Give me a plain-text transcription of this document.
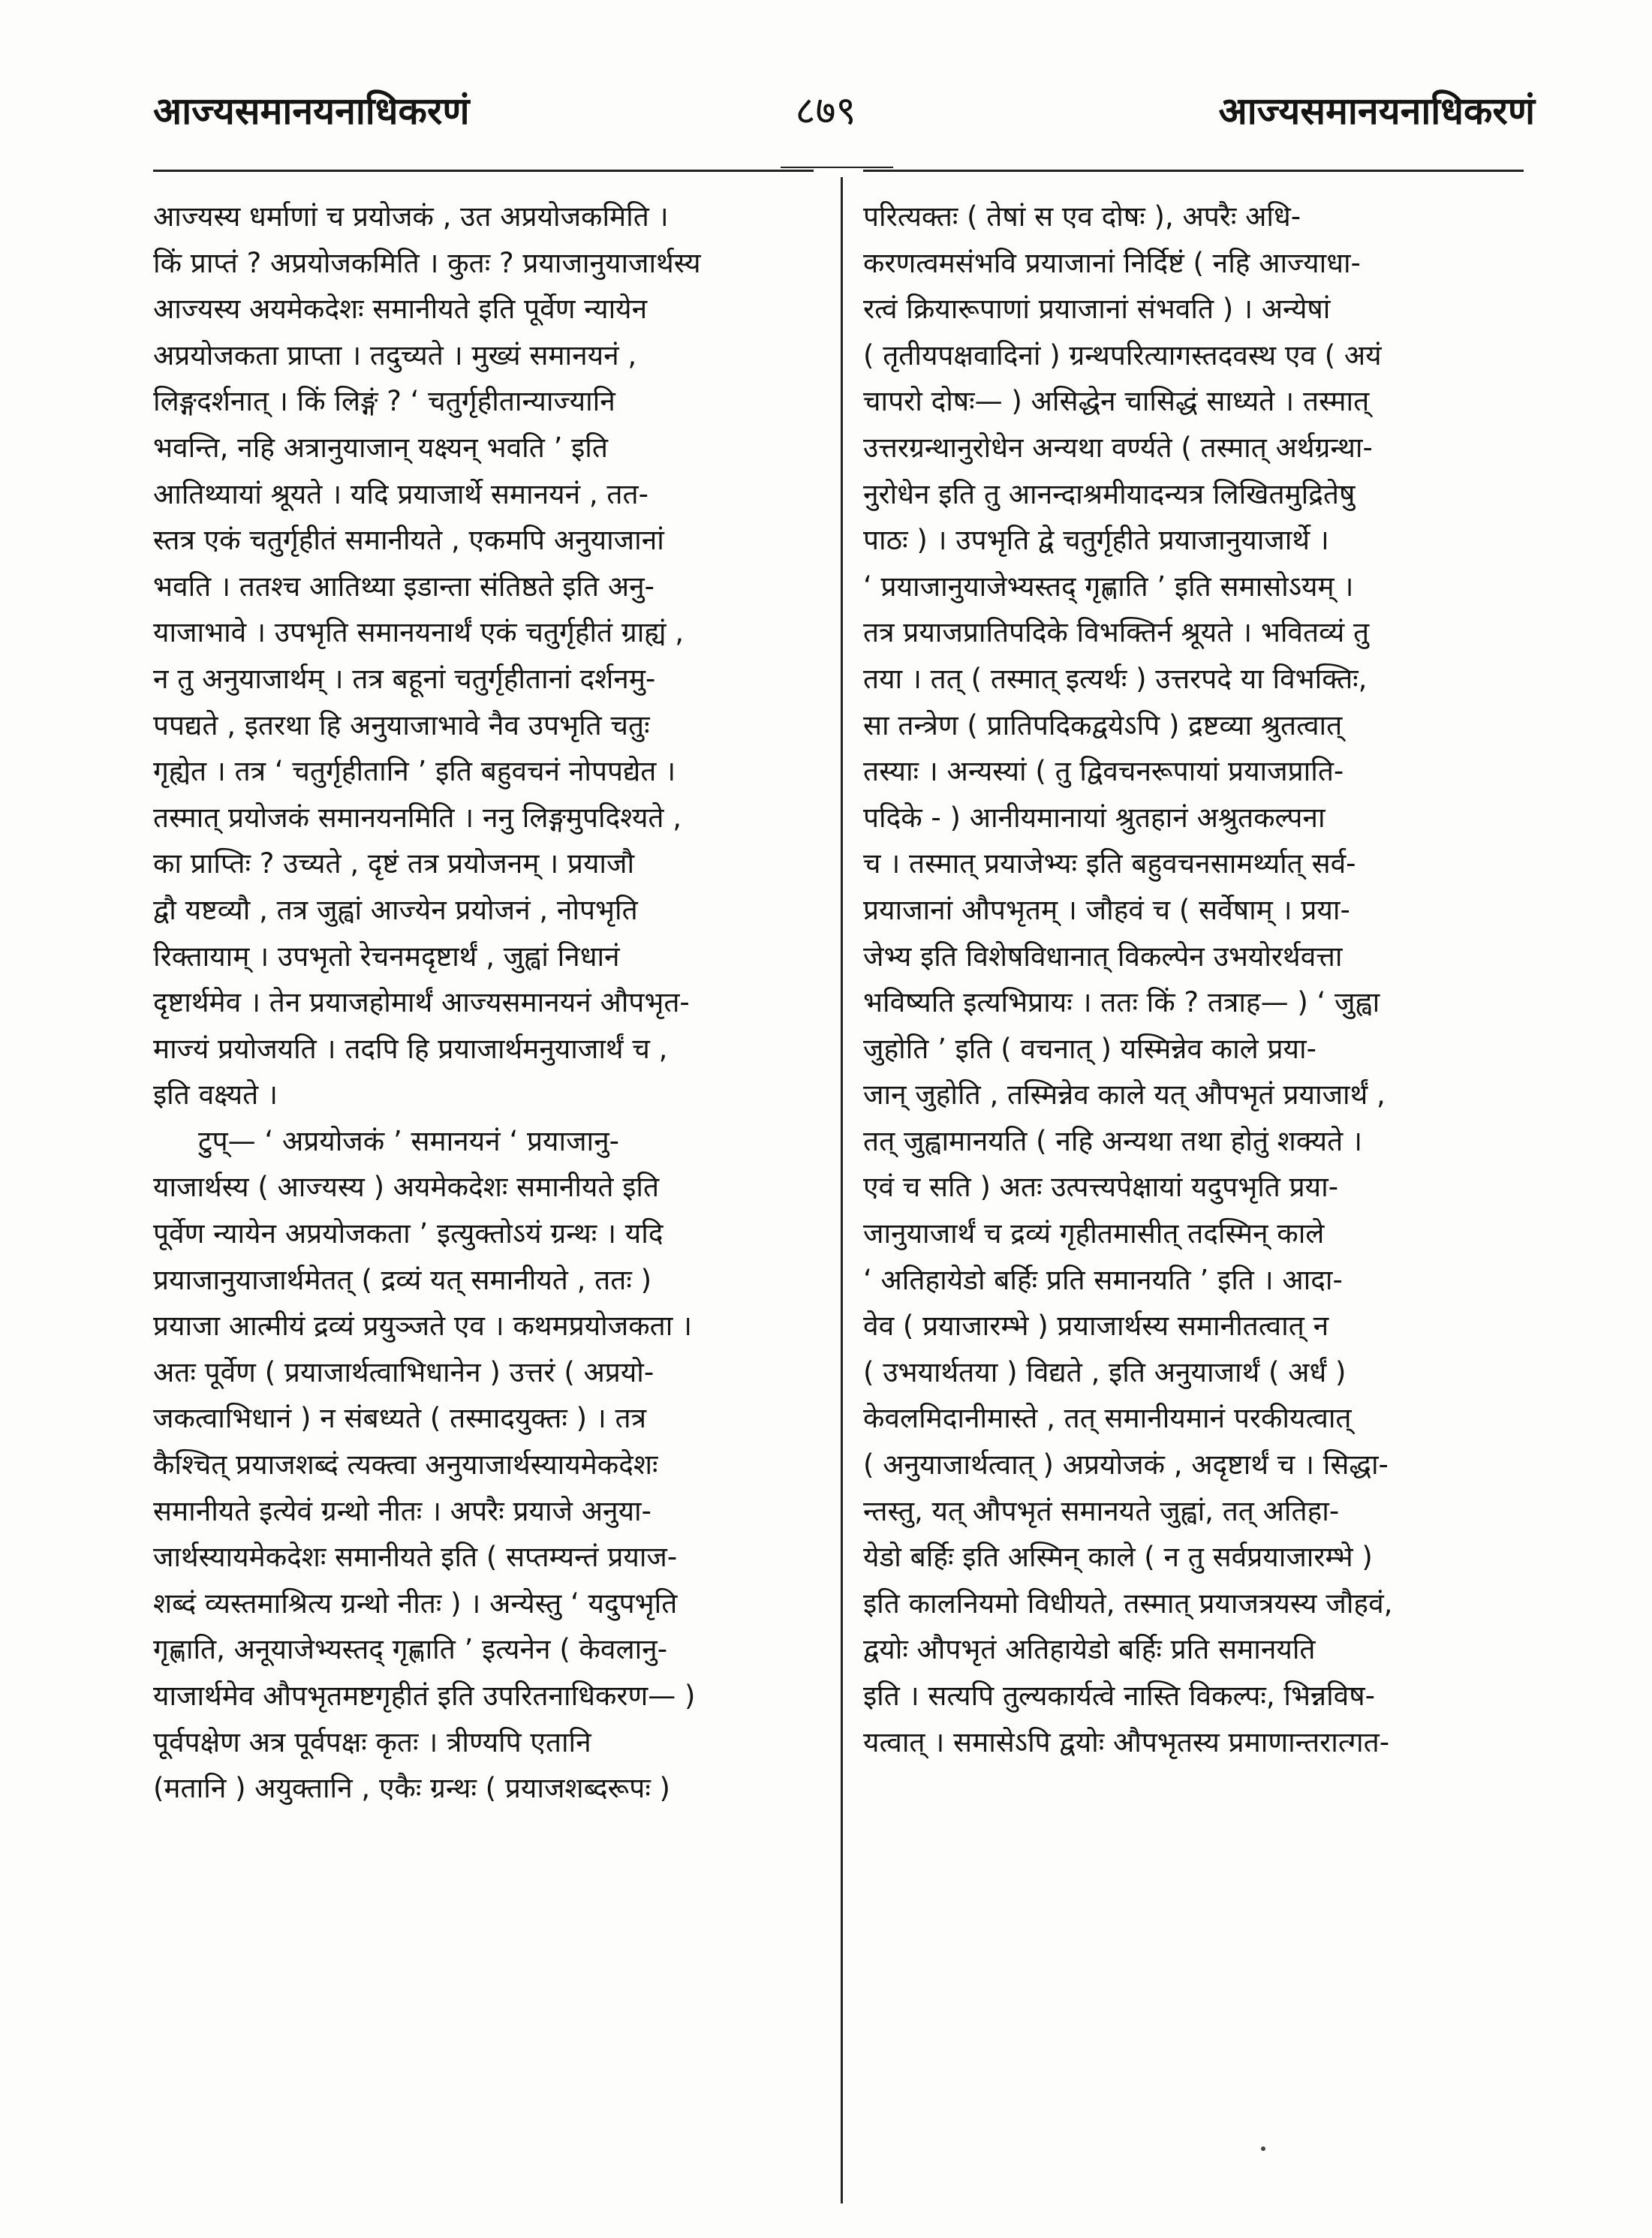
आज्यसमानयनाधिकरणं	८७९	आज्यसमानयनाधिकरणं
आज्यस्य धर्माणां च प्रयोजकं , उत अप्रयोजकमिति ।
किं प्राप्तं ? अप्रयोजकमिति । कुतः ? प्रयाजानुयाजार्थस्य
आज्यस्य अयमेकदेशः समानीयते इति पूर्वेण न्यायेन
अप्रयोजकता प्राप्ता । तदुच्यते । मुख्यं समानयनं ,
लिङ्गदर्शनात् । किं लिङ्गं ? ‘ चतुर्गृहीतान्याज्यानि
भवन्ति, नहि अत्रानुयाजान् यक्ष्यन् भवति ’ इति
आतिथ्यायां श्रूयते । यदि प्रयाजार्थे समानयनं , तत-
स्तत्र एकं चतुर्गृहीतं समानीयते , एकमपि अनुयाजानां
भवति । ततश्च आतिथ्या इडान्ता संतिष्ठते इति अनु-
याजाभावे । उपभृति समानयनार्थं एकं चतुर्गृहीतं ग्राह्यं ,
न तु अनुयाजार्थम् । तत्र बहूनां चतुर्गृहीतानां दर्शनमु-
पपद्यते , इतरथा हि अनुयाजाभावे नैव उपभृति चतुः
गृह्येत । तत्र ‘ चतुर्गृहीतानि ’ इति बहुवचनं नोपपद्येत ।
तस्मात् प्रयोजकं समानयनमिति । ननु लिङ्गमुपदिश्यते ,
का प्राप्तिः ? उच्यते , दृष्टं तत्र प्रयोजनम् । प्रयाजौ
द्वौ यष्टव्यौ , तत्र जुह्वां आज्येन प्रयोजनं , नोपभृति
रिक्तायाम् । उपभृतो रेचनमदृष्टार्थं , जुह्वां निधानं
दृष्टार्थमेव । तेन प्रयाजहोमार्थं आज्यसमानयनं औपभृत-
माज्यं प्रयोजयति । तदपि हि प्रयाजार्थमनुयाजार्थं च ,
इति वक्ष्यते ।
टुप्— ‘ अप्रयोजकं ’ समानयनं ‘ प्रयाजानु-
याजार्थस्य ( आज्यस्य ) अयमेकदेशः समानीयते इति
पूर्वेण न्यायेन अप्रयोजकता ’ इत्युक्तोऽयं ग्रन्थः । यदि
प्रयाजानुयाजार्थमेतत् ( द्रव्यं यत् समानीयते , ततः )
प्रयाजा आत्मीयं द्रव्यं प्रयुञ्जते एव । कथमप्रयोजकता ।
अतः पूर्वेण ( प्रयाजार्थत्वाभिधानेन ) उत्तरं ( अप्रयो-
जकत्वाभिधानं ) न संबध्यते ( तस्मादयुक्तः ) । तत्र
कैश्चित् प्रयाजशब्दं त्यक्त्वा अनुयाजार्थस्यायमेकदेशः
समानीयते इत्येवं ग्रन्थो नीतः । अपरैः प्रयाजे अनुया-
जार्थस्यायमेकदेशः समानीयते इति ( सप्तम्यन्तं प्रयाज-
शब्दं व्यस्तमाश्रित्य ग्रन्थो नीतः ) । अन्येस्तु ‘ यदुपभृति
गृह्णाति, अनूयाजेभ्यस्तद् गृह्णाति ’ इत्यनेन ( केवलानु-
याजार्थमेव औपभृतमष्टगृहीतं इति उपरितनाधिकरण— )
पूर्वपक्षेण अत्र पूर्वपक्षः कृतः । त्रीण्यपि एतानि
(मतानि ) अयुक्तानि , एकैः ग्रन्थः ( प्रयाजशब्दरूपः )
परित्यक्तः ( तेषां स एव दोषः ), अपरैः अधि-
करणत्वमसंभवि प्रयाजानां निर्दिष्टं ( नहि आज्याधा-
रत्वं क्रियारूपाणां प्रयाजानां संभवति ) । अन्येषां
( तृतीयपक्षवादिनां ) ग्रन्थपरित्यागस्तदवस्थ एव ( अयं
चापरो दोषः— ) असिद्धेन चासिद्धं साध्यते । तस्मात्
उत्तरग्रन्थानुरोधेन अन्यथा वर्ण्यते ( तस्मात् अर्थग्रन्था-
नुरोधेन इति तु आनन्दाश्रमीयादन्यत्र लिखितमुद्रितेषु
पाठः ) । उपभृति द्वे चतुर्गृहीते प्रयाजानुयाजार्थे ।
‘ प्रयाजानुयाजेभ्यस्तद् गृह्णाति ’ इति समासोऽयम् ।
तत्र प्रयाजप्रातिपदिके विभक्तिर्न श्रूयते । भवितव्यं तु
तया । तत् ( तस्मात् इत्यर्थः ) उत्तरपदे या विभक्तिः,
सा तन्त्रेण ( प्रातिपदिकद्वयेऽपि ) द्रष्टव्या श्रुतत्वात्
तस्याः । अन्यस्यां ( तु द्विवचनरूपायां प्रयाजप्राति-
पदिके - ) आनीयमानायां श्रुतहानं अश्रुतकल्पना
च । तस्मात् प्रयाजेभ्यः इति बहुवचनसामर्थ्यात् सर्व-
प्रयाजानां औपभृतम् । जौहवं च ( सर्वेषाम् । प्रया-
जेभ्य इति विशेषविधानात् विकल्पेन उभयोरर्थवत्ता
भविष्यति इत्यभिप्रायः । ततः किं ? तत्राह— ) ‘ जुह्वा
जुहोति ’ इति ( वचनात् ) यस्मिन्नेव काले प्रया-
जान् जुहोति , तस्मिन्नेव काले यत् औपभृतं प्रयाजार्थं ,
तत् जुह्वामानयति ( नहि अन्यथा तथा होतुं शक्यते ।
एवं च सति ) अतः उत्पत्त्यपेक्षायां यदुपभृति प्रया-
जानुयाजार्थं च द्रव्यं गृहीतमासीत् तदस्मिन् काले
‘ अतिहायेडो बर्हिः प्रति समानयति ’ इति । आदा-
वेव ( प्रयाजारम्भे ) प्रयाजार्थस्य समानीतत्वात् न
( उभयार्थतया ) विद्यते , इति अनुयाजार्थं ( अर्धं )
केवलमिदानीमास्ते , तत् समानीयमानं परकीयत्वात्
( अनुयाजार्थत्वात् ) अप्रयोजकं , अदृष्टार्थं च । सिद्धा-
न्तस्तु, यत् औपभृतं समानयते जुह्वां, तत् अतिहा-
येडो बर्हिः इति अस्मिन् काले ( न तु सर्वप्रयाजारम्भे )
इति कालनियमो विधीयते, तस्मात् प्रयाजत्रयस्य जौहवं,
द्वयोः औपभृतं अतिहायेडो बर्हिः प्रति समानयति
इति । सत्यपि तुल्यकार्यत्वे नास्ति विकल्पः, भिन्नविष-
यत्वात् । समासेऽपि द्वयोः औपभृतस्य प्रमाणान्तरात्गत-
